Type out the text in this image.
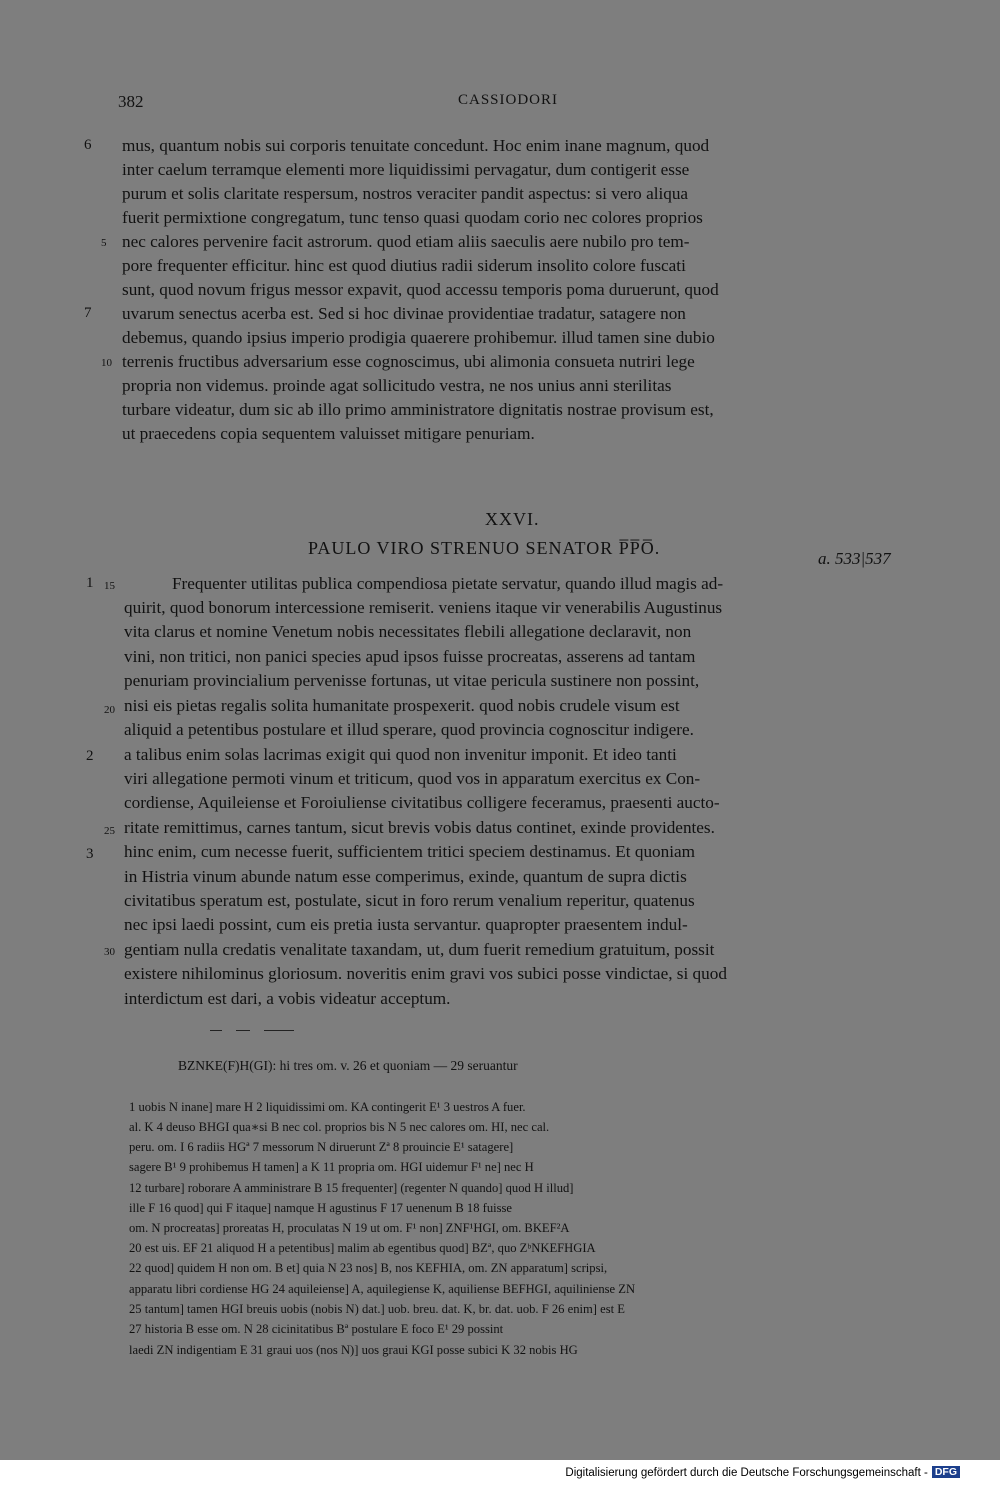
382	CASSIODORI
6
7
5
10
mus, quantum nobis sui corporis tenuitate concedunt. Hoc enim inane magnum, quod
inter caelum terramque elementi more liquidissimi pervagatur, dum contigerit esse
purum et solis claritate respersum, nostros veraciter pandit aspectus: si vero aliqua
fuerit permixtione congregatum, tunc tenso quasi quodam corio nec colores proprios
nec calores pervenire facit astrorum. quod etiam aliis saeculis aere nubilo pro tem-
pore frequenter efficitur. hinc est quod diutius radii siderum insolito colore fuscati
sunt, quod novum frigus messor expavit, quod accessu temporis poma duruerunt, quod
uvarum senectus acerba est. Sed si hoc divinae providentiae tradatur, satagere non
debemus, quando ipsius imperio prodigia quaerere prohibemur. illud tamen sine dubio
terrenis fructibus adversarium esse cognoscimus, ubi alimonia consueta nutriri lege
propria non videmus. proinde agat sollicitudo vestra, ne nos unius anni sterilitas
turbare videatur, dum sic ab illo primo amministratore dignitatis nostrae provisum est,
ut praecedens copia sequentem valuisset mitigare penuriam.
XXVI.
PAULO VIRO STRENUO SENATOR P̅P̅O̅.
a. 533|537
1
2
3
15
20
25
30
Frequenter utilitas publica compendiosa pietate servatur, quando illud magis ad-
quirit, quod bonorum intercessione remiserit. veniens itaque vir venerabilis Augustinus
vita clarus et nomine Venetum nobis necessitates flebili allegatione declaravit, non
vini, non tritici, non panici species apud ipsos fuisse procreatas, asserens ad tantam
penuriam provincialium pervenisse fortunas, ut vitae pericula sustinere non possint,
nisi eis pietas regalis solita humanitate prospexerit. quod nobis crudele visum est
aliquid a petentibus postulare et illud sperare, quod provincia cognoscitur indigere.
a talibus enim solas lacrimas exigit qui quod non invenitur imponit. Et ideo tanti
viri allegatione permoti vinum et triticum, quod vos in apparatum exercitus ex Con-
cordiense, Aquileiense et Foroiuliense civitatibus colligere feceramus, praesenti aucto-
ritate remittimus, carnes tantum, sicut brevis vobis datus continet, exinde providentes.
hinc enim, cum necesse fuerit, sufficientem tritici speciem destinamus. Et quoniam
in Histria vinum abunde natum esse comperimus, exinde, quantum de supra dictis
civitatibus speratum est, postulate, sicut in foro rerum venalium reperitur, quatenus
nec ipsi laedi possint, cum eis pretia iusta servantur. quapropter praesentem indul-
gentiam nulla credatis venalitate taxandam, ut, dum fuerit remedium gratuitum, possit
existere nihilominus gloriosum. noveritis enim gravi vos subici posse vindictae, si quod
interdictum est dari, a vobis videatur acceptum.
BZNKE(F)H(GI): hi tres om. v. 26 et quoniam — 29 seruantur
1 uobis N inane] mare H 2 liquidissimi om. KA contingerit E¹ 3 uestros A fuer.
al. K 4 deuso BHGI qua∗si B nec col. proprios bis N 5 nec calores om. HI, nec cal.
peru. om. I 6 radiis HGª 7 messorum N diruerunt Zª 8 prouincie E¹ satagere]
sagere B¹ 9 prohibemus H tamen] a K 11 propria om. HGI uidemur F¹ ne] nec H
12 turbare] roborare A amministrare B 15 frequenter] (regenter N quando] quod H illud]
ille F 16 quod] qui F itaque] namque H agustinus F 17 uenenum B 18 fuisse
om. N procreatas] proreatas H, proculatas N 19 ut om. F¹ non] ZNF¹HGI, om. BKEF²A
20 est uis. EF 21 aliquod H a petentibus] malim ab egentibus quod] BZª, quo ZᵇNKEFHGIA
22 quod] quidem H non om. B et] quia N 23 nos] B, nos KEFHIA, om. ZN apparatum] scripsi,
apparatu libri cordiense HG 24 aquileiense] A, aquilegiense K, aquiliense BEFHGI, aquiliniense ZN
25 tantum] tamen HGI breuis uobis (nobis N) dat.] uob. breu. dat. K, br. dat. uob. F 26 enim] est E
27 historia B esse om. N 28 cicinitatibus Bª postulare E foco E¹ 29 possint
laedi ZN indigentiam E 31 graui uos (nos N)] uos graui KGI posse subici K 32 nobis HG
Digitalisierung gefördert durch die Deutsche Forschungsgemeinschaft - DFG
